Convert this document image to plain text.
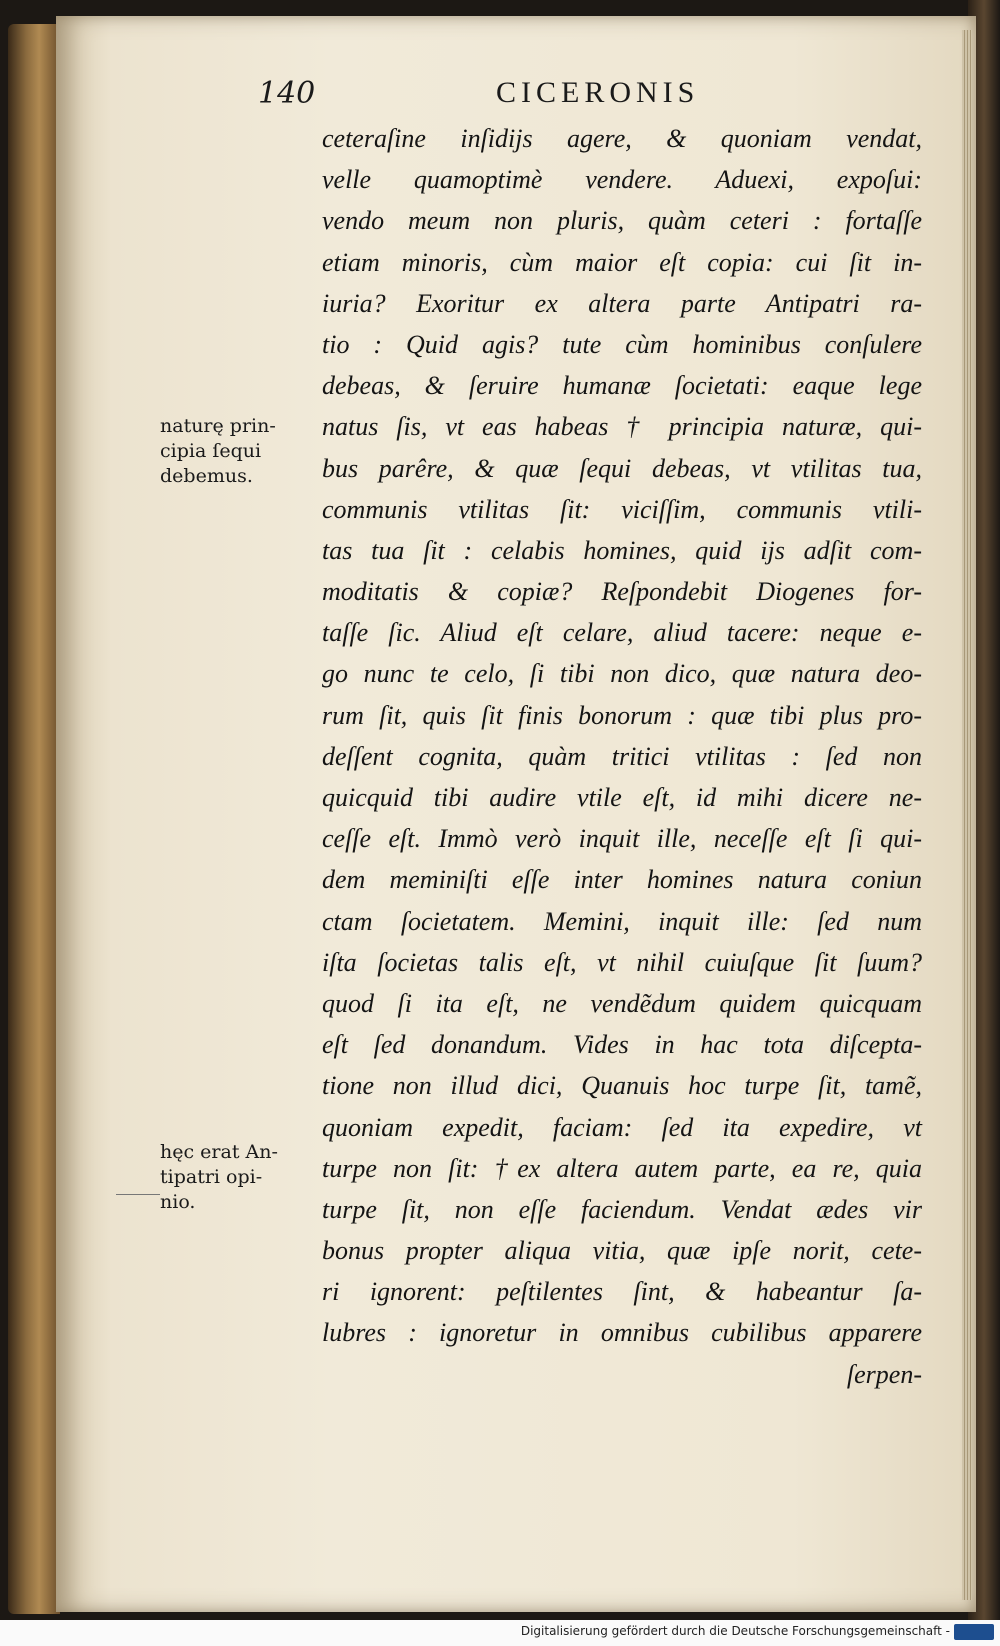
140	CICERONIS
ceteraſine inſidijs agere, & quoniam vendat,
velle quamoptimè vendere. Aduexi, expoſui:
vendo meum non pluris, quàm ceteri : fortaſſe
etiam minoris, cùm maior eſt copia: cui ſit in-
iuria? Exoritur ex altera parte Antipatri ra-
tio : Quid agis? tute cùm hominibus conſulere
debeas, & ſeruire humanæ ſocietati: eaque lege
natus ſis, vt eas habeas † principia naturæ, qui-
bus parêre, & quæ ſequi debeas, vt vtilitas tua,
communis vtilitas ſit: viciſſim, communis vtili-
tas tua ſit : celabis homines, quid ijs adſit com-
moditatis & copiæ? Reſpondebit Diogenes for-
taſſe ſic. Aliud eſt celare, aliud tacere: neque e-
go nunc te celo, ſi tibi non dico, quæ natura deo-
rum ſit, quis ſit finis bonorum : quæ tibi plus pro-
deſſent cognita, quàm tritici vtilitas : ſed non
quicquid tibi audire vtile eſt, id mihi dicere ne-
ceſſe eſt. Immò verò inquit ille, neceſſe eſt ſi qui-
dem meminiſti eſſe inter homines natura coniun
ctam ſocietatem. Memini, inquit ille: ſed num
iſta ſocietas talis eſt, vt nihil cuiuſque ſit ſuum?
quod ſi ita eſt, ne vendẽdum quidem quicquam
eſt ſed donandum. Vides in hac tota diſcepta-
tione non illud dici, Quanuis hoc turpe ſit, tamẽ,
quoniam expedit, faciam: ſed ita expedire, vt
turpe non ſit: †ex altera autem parte, ea re, quia
turpe ſit, non eſſe faciendum. Vendat ædes vir
bonus propter aliqua vitia, quæ ipſe norit, cete-
ri ignorent: peſtilentes ſint, & habeantur ſa-
lubres : ignoretur in omnibus cubilibus apparere
ſerpen-
naturę prin-
cipia ſequi
debemus.
hęc erat An-
tipatri opi-
nio.
Digitalisierung gefördert durch die Deutsche Forschungsgemeinschaft -
